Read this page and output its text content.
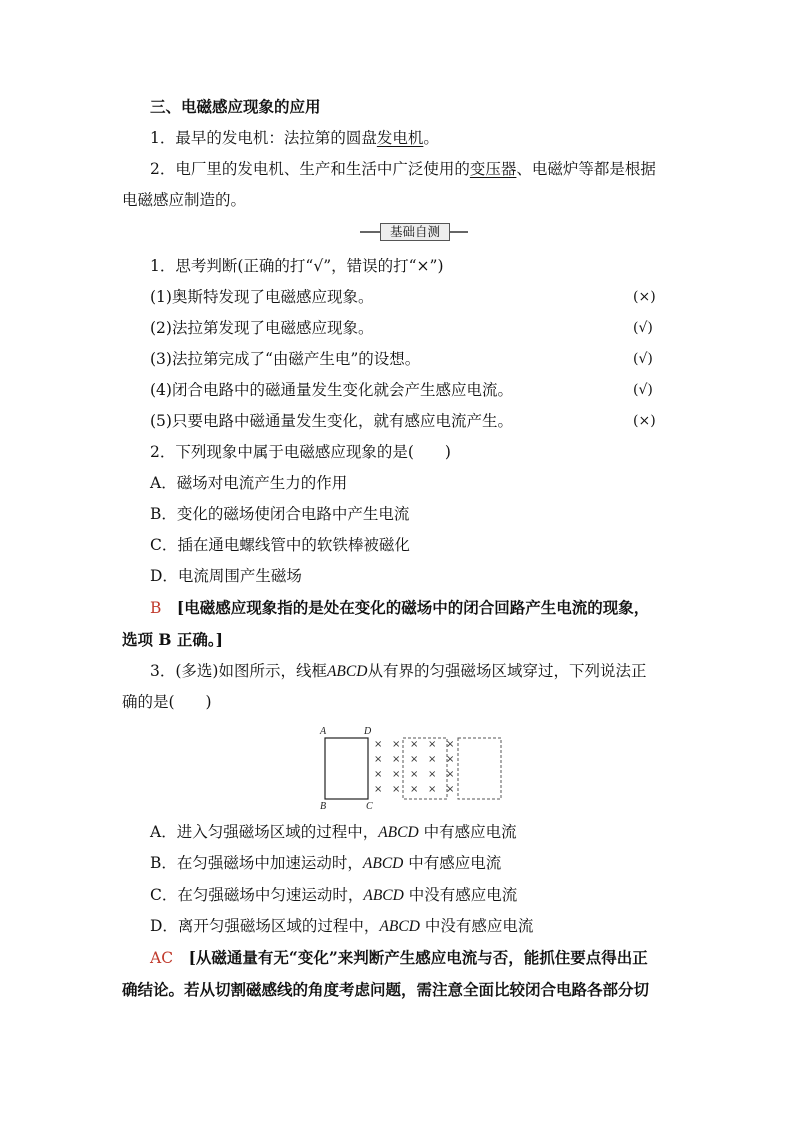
三、电磁感应现象的应用
1．最早的发电机：法拉第的圆盘发电机。
2．电厂里的发电机、生产和生活中广泛使用的变压器、电磁炉等都是根据
电磁感应制造的。
基础自测
1．思考判断(正确的打“√”，错误的打“×”)
(1)奥斯特发现了电磁感应现象。	(×)
(2)法拉第发现了电磁感应现象。	(√)
(3)法拉第完成了“由磁产生电”的设想。	(√)
(4)闭合电路中的磁通量发生变化就会产生感应电流。	(√)
(5)只要电路中磁通量发生变化，就有感应电流产生。	(×)
2．下列现象中属于电磁感应现象的是(　　)
A．磁场对电流产生力的作用
B．变化的磁场使闭合电路中产生电流
C．插在通电螺线管中的软铁棒被磁化
D．电流周围产生磁场
B　 [电磁感应现象指的是处在变化的磁场中的闭合回路产生电流的现象，
选项 B 正确。]
3．(多选)如图所示，线框ABCD从有界的匀强磁场区域穿过，下列说法正
确的是(　　)
A	D
B	C
× × × × ×
× × × × ×
× × × × ×
× × × × ×
A．进入匀强磁场区域的过程中，ABCD 中有感应电流
B．在匀强磁场中加速运动时，ABCD 中有感应电流
C．在匀强磁场中匀速运动时，ABCD 中没有感应电流
D．离开匀强磁场区域的过程中，ABCD 中没有感应电流
AC　 [从磁通量有无“变化”来判断产生感应电流与否，能抓住要点得出正
确结论。若从切割磁感线的角度考虑问题，需注意全面比较闭合电路各部分切
